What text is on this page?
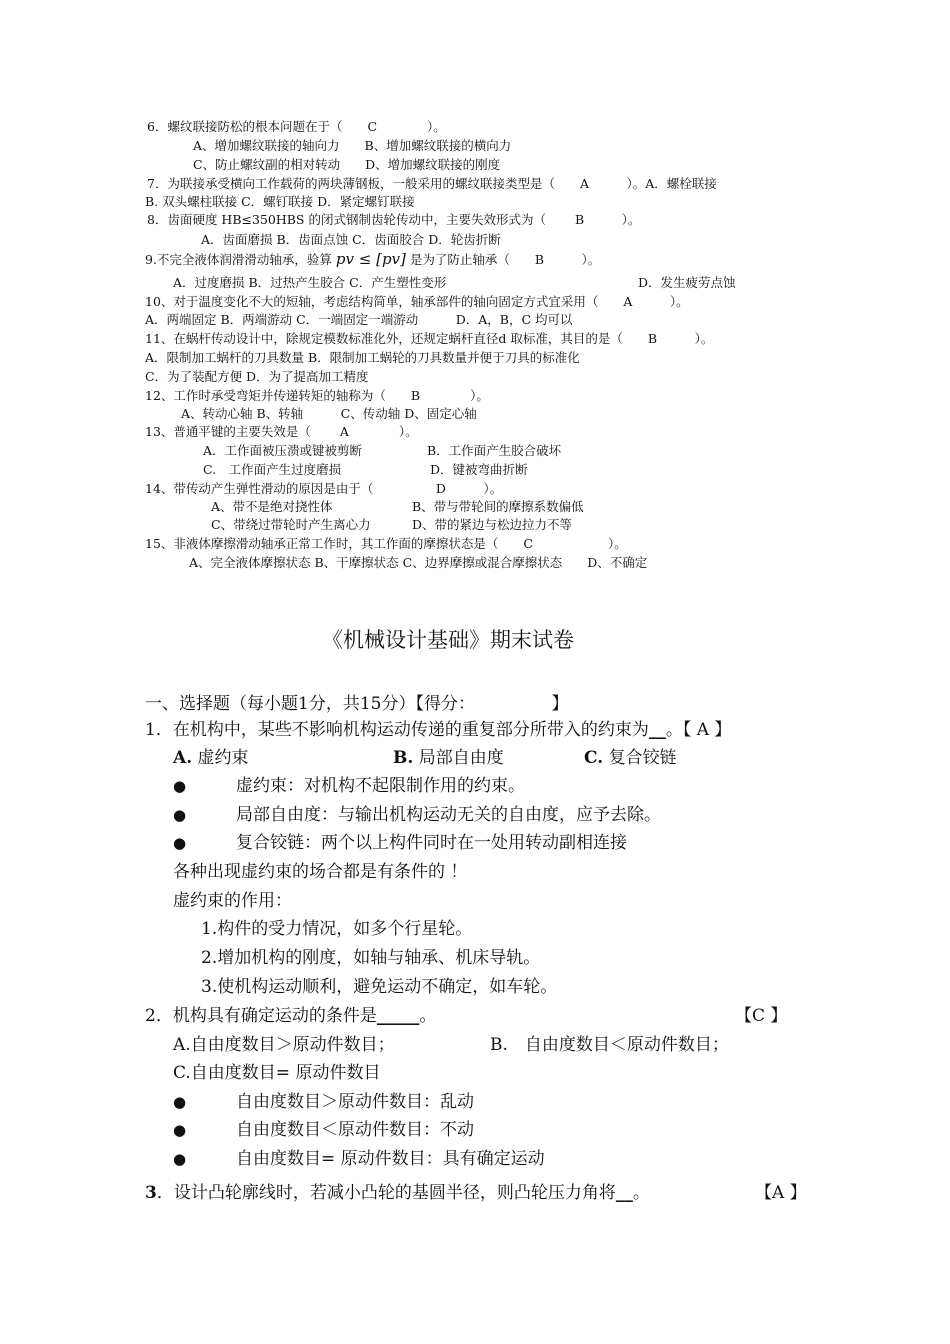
6．螺纹联接防松的根本问题在于（　　C　　　　）。
A、增加螺纹联接的轴向力　　B、增加螺纹联接的横向力
C、防止螺纹副的相对转动　　D、增加螺纹联接的刚度
7．为联接承受横向工作载荷的两块薄钢板，一般采用的螺纹联接类型是（　　A　　　）。A．螺栓联接
B. 双头螺柱联接 C．螺钉联接 D．紧定螺钉联接
8．齿面硬度 HB≤350HBS 的闭式钢制齿轮传动中，主要失效形式为（　　 B　　　）。
A．齿面磨损 B．齿面点蚀 C．齿面胶合 D．轮齿折断
9.不完全液体润滑滑动轴承，验算 pv ≤ [pv] 是为了防止轴承（　　B　　　）。
A．过度磨损 B．过热产生胶合 C．产生塑性变形	D．发生疲劳点蚀
10、对于温度变化不大的短轴，考虑结构简单，轴承部件的轴向固定方式宜采用（　　A　　　）。
A．两端固定 B．两端游动 C．一端固定一端游动　　　D．A，B，C 均可以
11、在蜗杆传动设计中，除规定模数标准化外，还规定蜗杆直径d 取标准，其目的是（　　B　　　）。
A．限制加工蜗杆的刀具数量 B．限制加工蜗轮的刀具数量并便于刀具的标准化
C．为了装配方便 D．为了提高加工精度
12、工作时承受弯矩并传递转矩的轴称为（　　B　　　　）。
A、转动心轴 B、转轴　　　C、传动轴 D、固定心轴
13、普通平键的主要失效是（　　 A　　　　）。
A．工作面被压溃或键被剪断	B．工作面产生胶合破坏
C.　工作面产生过度磨损	D．键被弯曲折断
14、带传动产生弹性滑动的原因是由于（　　　　　D　　　）。
A、带不是绝对挠性体	B、带与带轮间的摩擦系数偏低
C、带绕过带轮时产生离心力	D、带的紧边与松边拉力不等
15、非液体摩擦滑动轴承正常工作时，其工作面的摩擦状态是（　　C　　　　　　）。
A、完全液体摩擦状态 B、干摩擦状态 C、边界摩擦或混合摩擦状态　　D、不确定
《机械设计基础》期末试卷
一、选择题（每小题1分，共15分）【得分：　　　　　】
1．在机构中，某些不影响机构运动传递的重复部分所带入的约束为__。【 A 】
A. 虚约束	B. 局部自由度	C. 复合铰链
●	虚约束：对机构不起限制作用的约束。
●	局部自由度：与输出机构运动无关的自由度，应予去除。
●	复合铰链：两个以上构件同时在一处用转动副相连接
各种出现虚约束的场合都是有条件的 ！
虚约束的作用：
1.构件的受力情况，如多个行星轮。
2.增加机构的刚度，如轴与轴承、机床导轨。
3.使机构运动顺利，避免运动不确定，如车轮。
2．机构具有确定运动的条件是_____。	【C 】
A.自由度数目＞原动件数目；	B.　自由度数目＜原动件数目；
C.自由度数目= 原动件数目
●	自由度数目＞原动件数目：乱动
●	自由度数目＜原动件数目：不动
●	自由度数目= 原动件数目：具有确定运动
3．设计凸轮廓线时，若减小凸轮的基圆半径，则凸轮压力角将__。	【A 】
